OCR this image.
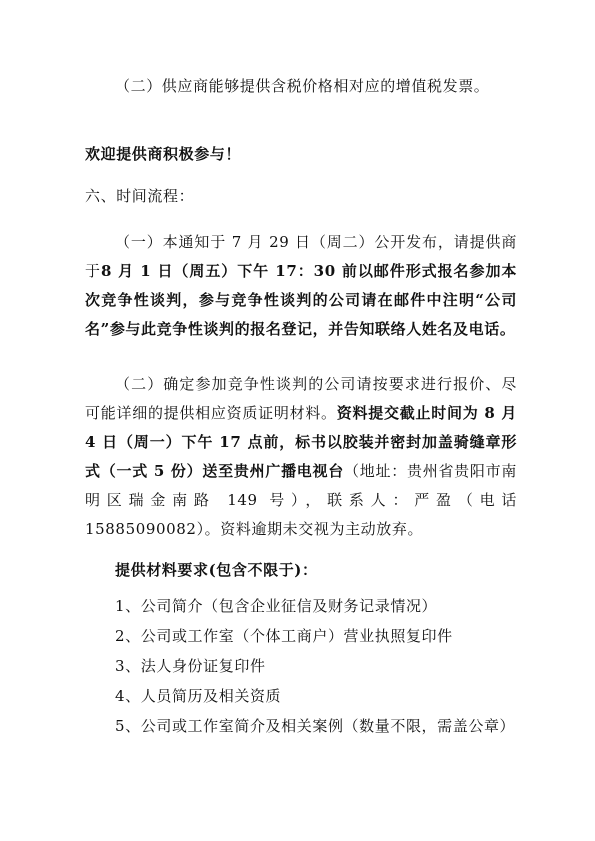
（二）供应商能够提供含税价格相对应的增值税发票。

欢迎提供商积极参与！

六、时间流程：

（一）本通知于 7 月 29 日（周二）公开发布，请提供商于8 月 1 日（周五）下午 17：30 前以邮件形式报名参加本次竞争性谈判，参与竞争性谈判的公司请在邮件中注明“公司名”参与此竞争性谈判的报名登记，并告知联络人姓名及电话。

（二）确定参加竞争性谈判的公司请按要求进行报价、尽可能详细的提供相应资质证明材料。资料提交截止时间为 8 月 4 日（周一）下午 17 点前，标书以胶装并密封加盖骑缝章形式（一式 5 份）送至贵州广播电视台（地址：贵州省贵阳市南明区瑞金南路 149 号），联系人：严盈（电话 15885090082）。资料逾期未交视为主动放弃。

提供材料要求(包含不限于)：

1、公司简介（包含企业征信及财务记录情况）

2、公司或工作室（个体工商户）营业执照复印件

3、法人身份证复印件

4、人员简历及相关资质

5、公司或工作室简介及相关案例（数量不限，需盖公章）
